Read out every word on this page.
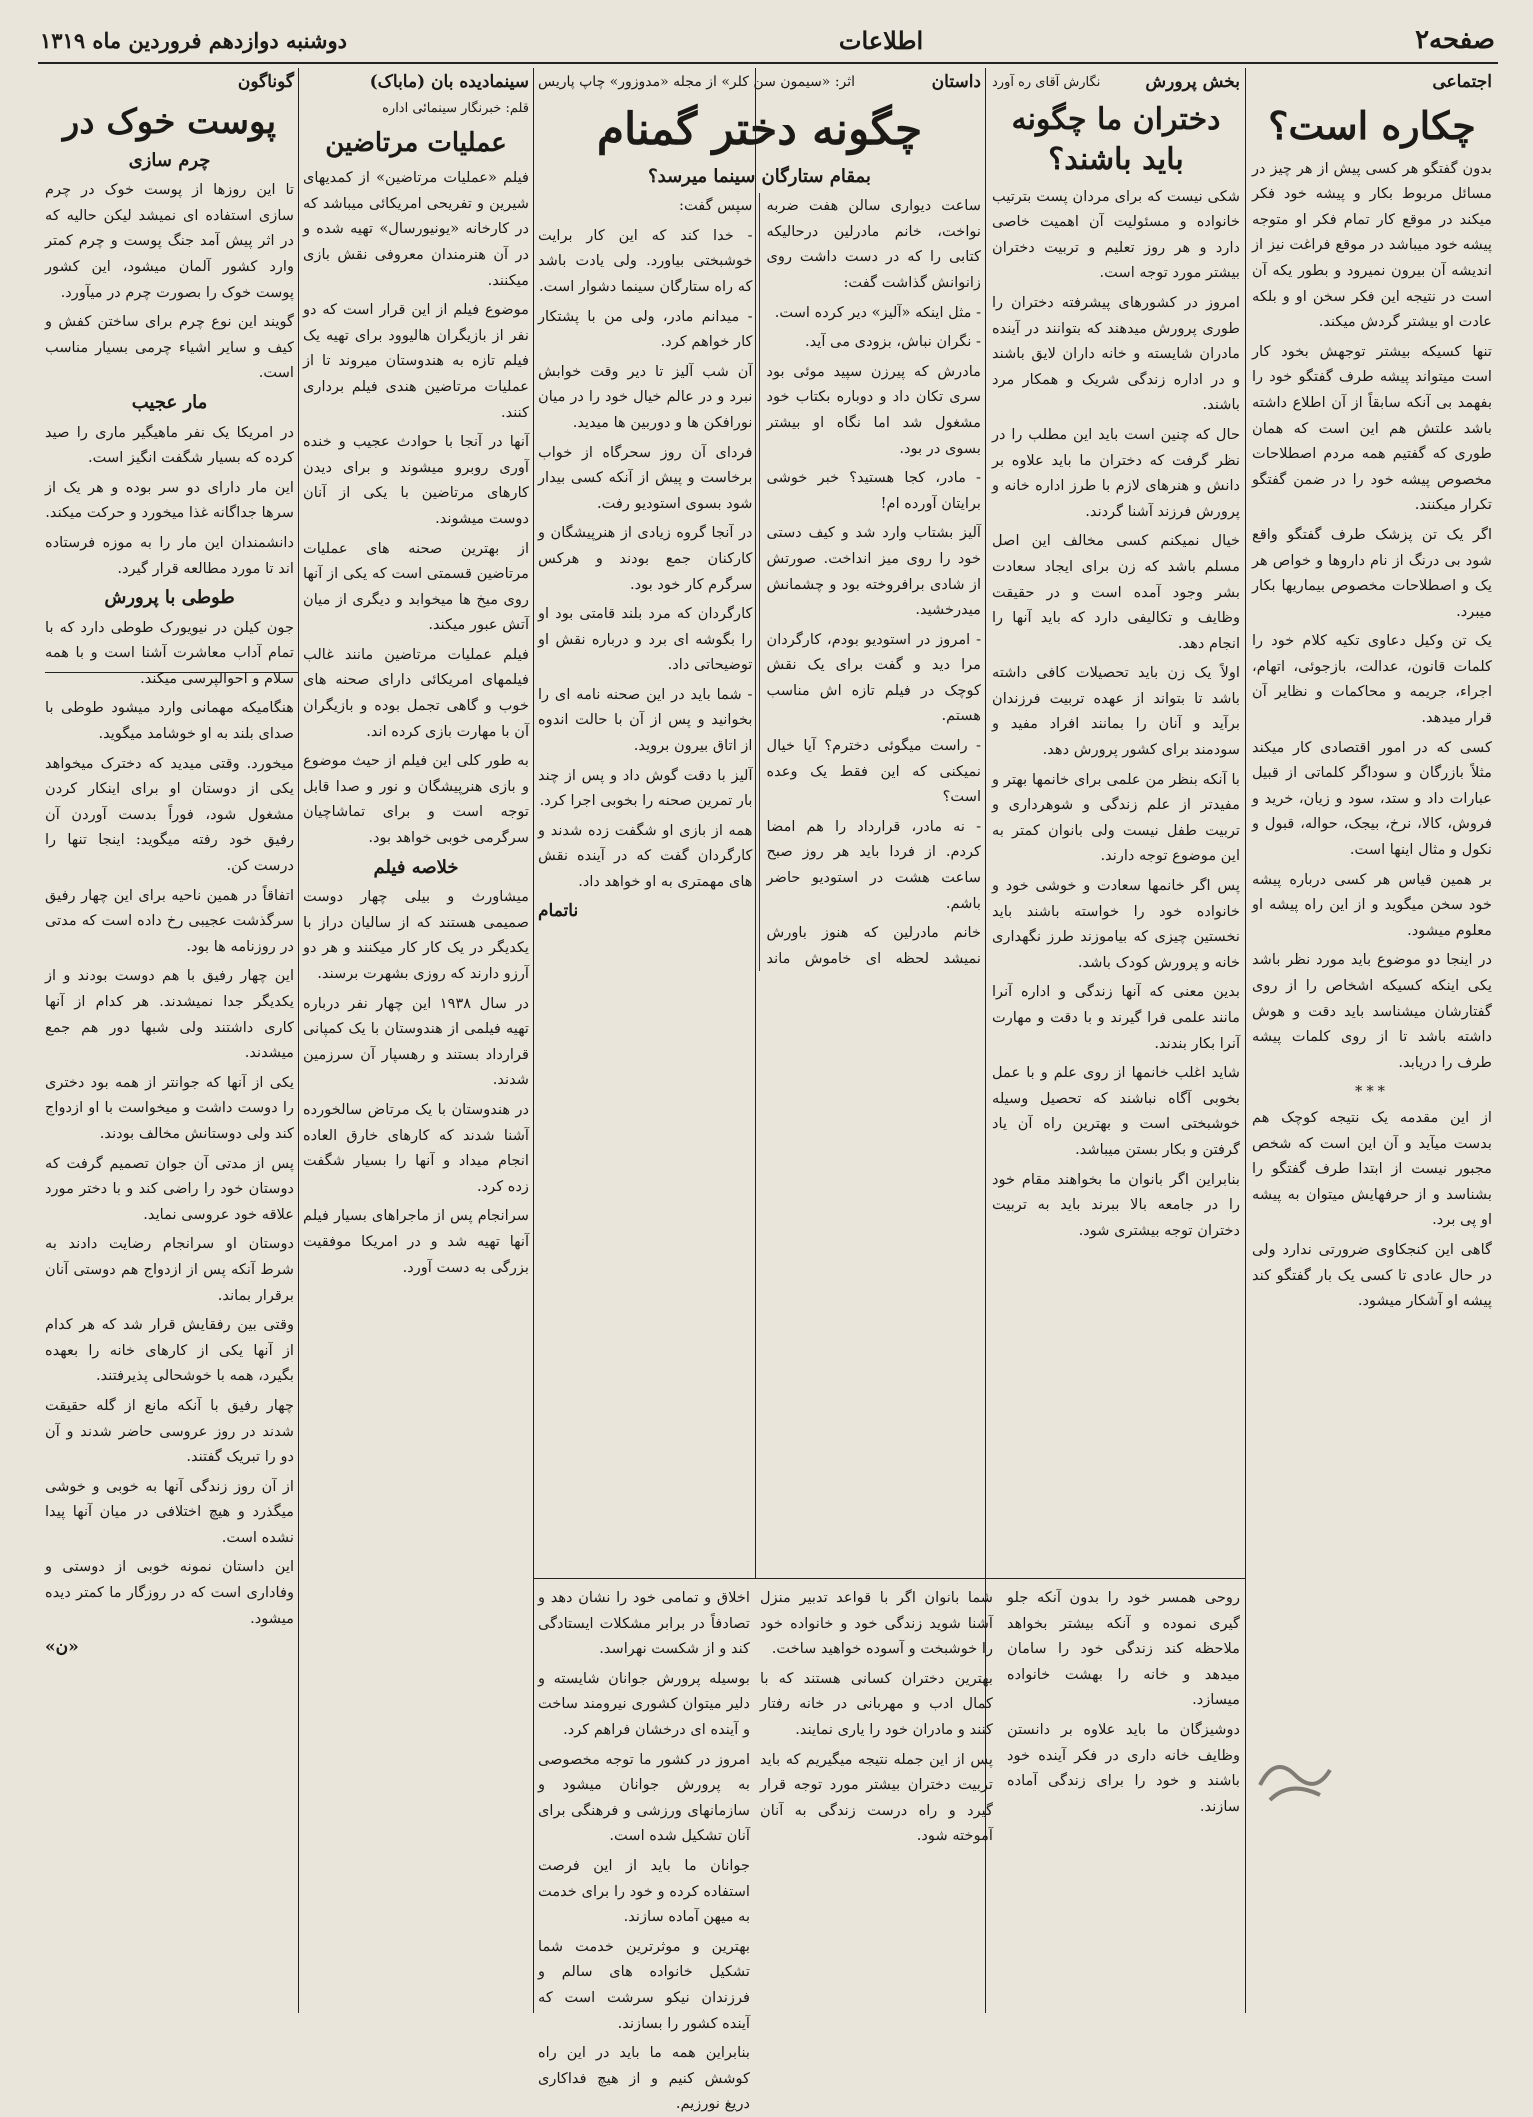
دوشنبه دوازدهم فروردین ماه ۱۳۱۹	اطلاعات	صفحه۲
اجتماعی
چکاره است؟

بدون گفتگو هر کسی پیش از هر چیز در مسائل مربوط بکار و پیشه خود فکر میکند در موقع کار تمام فکر او متوجه پیشه خود میباشد در موقع فراغت نیز از اندیشه آن بیرون نمیرود و بطور یکه آن است در نتیجه این فکر سخن او و بلکه عادت او بیشتر گردش میکند.

تنها کسیکه بیشتر توجهش بخود کار است میتواند پیشه طرف گفتگو خود را بفهمد بی آنکه سابقاً از آن اطلاع داشته باشد علتش هم این است که همان طوری که گفتیم همه مردم اصطلاحات مخصوص پیشه خود را در ضمن گفتگو تکرار میکنند.

اگر یک تن پزشک طرف گفتگو واقع شود بی درنگ از نام داروها و خواص هر یک و اصطلاحات مخصوص بیماریها بکار میبرد.

یک تن وکیل دعاوی تکیه کلام خود را کلمات قانون، عدالت، بازجوئی، اتهام، اجراء، جریمه و محاکمات و نظایر آن قرار میدهد.

کسی که در امور اقتصادی کار میکند مثلاً بازرگان و سوداگر کلماتی از قبیل عبارات داد و ستد، سود و زیان، خرید و فروش، کالا، نرخ، بیجک، حواله، قبول و نکول و مثال اینها است.

بر همین قیاس هر کسی درباره پیشه خود سخن میگوید و از این راه پیشه او معلوم میشود.

در اینجا دو موضوع باید مورد نظر باشد یکی اینکه کسیکه اشخاص را از روی گفتارشان میشناسد باید دقت و هوش داشته باشد تا از روی کلمات پیشه طرف را دریابد.

***

از این مقدمه یک نتیجه کوچک هم بدست میآید و آن این است که شخص مجبور نیست از ابتدا طرف گفتگو را بشناسد و از حرفهایش میتوان به پیشه او پی برد.

گاهی این کنجکاوی ضرورتی ندارد ولی در حال عادی تا کسی یک بار گفتگو کند پیشه او آشکار میشود.

بخش پرورش
نگارش آقای ره آورد
دختران ما چگونه باید باشند؟

شکی نیست که برای مردان پست بترتیب خانواده و مسئولیت آن اهمیت خاصی دارد و هر روز تعلیم و تربیت دختران بیشتر مورد توجه است.

امروز در کشورهای پیشرفته دختران را طوری پرورش میدهند که بتوانند در آینده مادران شایسته و خانه داران لایق باشند و در اداره زندگی شریک و همکار مرد باشند.

حال که چنین است باید این مطلب را در نظر گرفت که دختران ما باید علاوه بر دانش و هنرهای لازم با طرز اداره خانه و پرورش فرزند آشنا گردند.

خیال نمیکنم کسی مخالف این اصل مسلم باشد که زن برای ایجاد سعادت بشر وجود آمده است و در حقیقت وظایف و تکالیفی دارد که باید آنها را انجام دهد.

اولاً یک زن باید تحصیلات کافی داشته باشد تا بتواند از عهده تربیت فرزندان برآید و آنان را بمانند افراد مفید و سودمند برای کشور پرورش دهد.

با آنکه بنظر من علمی برای خانمها بهتر و مفیدتر از علم زندگی و شوهرداری و تربیت طفل نیست ولی بانوان کمتر به این موضوع توجه دارند.

پس اگر خانمها سعادت و خوشی خود و خانواده خود را خواسته باشند باید نخستین چیزی که بیاموزند طرز نگهداری خانه و پرورش کودک باشد.

بدین معنی که آنها زندگی و اداره آنرا مانند علمی فرا گیرند و با دقت و مهارت آنرا بکار بندند.

شاید اغلب خانمها از روی علم و با عمل بخوبی آگاه نباشند که تحصیل وسیله خوشبختی است و بهترین راه آن یاد گرفتن و بکار بستن میباشد.

بنابراین اگر بانوان ما بخواهند مقام خود را در جامعه بالا ببرند باید به تربیت دختران توجه بیشتری شود.

داستان
اثر: «سیمون سن کلر» از مجله «مدوزور» چاپ پاریس
چگونه دختر گمنام
بمقام ستارگان سینما میرسد؟

ساعت دیواری سالن هفت ضربه نواخت، خانم مادرلین درحالیکه کتابی را که در دست داشت روی زانوانش گذاشت گفت:

- مثل اینکه «آلیز» دیر کرده است.

- نگران نباش، بزودی می آید.

مادرش که پیرزن سپید موئی بود سری تکان داد و دوباره بکتاب خود مشغول شد اما نگاه او بیشتر بسوی در بود.

- مادر، کجا هستید؟ خبر خوشی برایتان آورده ام!

آلیز بشتاب وارد شد و کیف دستی خود را روی میز انداخت. صورتش از شادی برافروخته بود و چشمانش میدرخشید.

- امروز در استودیو بودم، کارگردان مرا دید و گفت برای یک نقش کوچک در فیلم تازه اش مناسب هستم.

- راست میگوئی دخترم؟ آیا خیال نمیکنی که این فقط یک وعده است؟

- نه مادر، قرارداد را هم امضا کردم. از فردا باید هر روز صبح ساعت هشت در استودیو حاضر باشم.

خانم مادرلین که هنوز باورش نمیشد لحظه ای خاموش ماند سپس گفت:

- خدا کند که این کار برایت خوشبختی بیاورد. ولی یادت باشد که راه ستارگان سینما دشوار است.

- میدانم مادر، ولی من با پشتکار کار خواهم کرد.

آن شب آلیز تا دیر وقت خوابش نبرد و در عالم خیال خود را در میان نورافکن ها و دوربین ها میدید.

فردای آن روز سحرگاه از خواب برخاست و پیش از آنکه کسی بیدار شود بسوی استودیو رفت.

در آنجا گروه زیادی از هنرپیشگان و کارکنان جمع بودند و هرکس سرگرم کار خود بود.

کارگردان که مرد بلند قامتی بود او را بگوشه ای برد و درباره نقش او توضیحاتی داد.

- شما باید در این صحنه نامه ای را بخوانید و پس از آن با حالت اندوه از اتاق بیرون بروید.

آلیز با دقت گوش داد و پس از چند بار تمرین صحنه را بخوبی اجرا کرد.

همه از بازی او شگفت زده شدند و کارگردان گفت که در آینده نقش های مهمتری به او خواهد داد.

ناتمام
سینمادیده بان (ماباک)
قلم: خبرنگار سینمائی اداره
عملیات مرتاضین

فیلم «عملیات مرتاضین» از کمدیهای شیرین و تفریحی امریکائی میباشد که در کارخانه «یونیورسال» تهیه شده و در آن هنرمندان معروفی نقش بازی میکنند.

موضوع فیلم از این قرار است که دو نفر از بازیگران هالیوود برای تهیه یک فیلم تازه به هندوستان میروند تا از عملیات مرتاضین هندی فیلم برداری کنند.

آنها در آنجا با حوادث عجیب و خنده آوری روبرو میشوند و برای دیدن کارهای مرتاضین با یکی از آنان دوست میشوند.

از بهترین صحنه های عملیات مرتاضین قسمتی است که یکی از آنها روی میخ ها میخوابد و دیگری از میان آتش عبور میکند.

فیلم عملیات مرتاضین مانند غالب فیلمهای امریکائی دارای صحنه های خوب و گاهی تجمل بوده و بازیگران آن با مهارت بازی کرده اند.

به طور کلی این فیلم از حیث موضوع و بازی هنرپیشگان و نور و صدا قابل توجه است و برای تماشاچیان سرگرمی خوبی خواهد بود.

خلاصه فیلم

میشاورث و بیلی چهار دوست صمیمی هستند که از سالیان دراز با یکدیگر در یک کار کار میکنند و هر دو آرزو دارند که روزی بشهرت برسند.

در سال ۱۹۳۸ این چهار نفر درباره تهیه فیلمی از هندوستان با یک کمپانی قرارداد بستند و رهسپار آن سرزمین شدند.

در هندوستان با یک مرتاض سالخورده آشنا شدند که کارهای خارق العاده انجام میداد و آنها را بسیار شگفت زده کرد.

سرانجام پس از ماجراهای بسیار فیلم آنها تهیه شد و در امریکا موفقیت بزرگی به دست آورد.

گوناگون
پوست خوک در
چرم سازی

تا این روزها از پوست خوک در چرم سازی استفاده ای نمیشد لیکن حالیه که در اثر پیش آمد جنگ پوست و چرم کمتر وارد کشور آلمان میشود، این کشور پوست خوک را بصورت چرم در میآورد.

گویند این نوع چرم برای ساختن کفش و کیف و سایر اشیاء چرمی بسیار مناسب است.

مار عجیب

در امریکا یک نفر ماهیگیر ماری را صید کرده که بسیار شگفت انگیز است.

این مار دارای دو سر بوده و هر یک از سرها جداگانه غذا میخورد و حرکت میکند.

دانشمندان این مار را به موزه فرستاده اند تا مورد مطالعه قرار گیرد.

طوطی با پرورش

جون کیلن در نیویورک طوطی دارد که با تمام آداب معاشرت آشنا است و با همه سلام و احوالپرسی میکند.

هنگامیکه مهمانی وارد میشود طوطی با صدای بلند به او خوشامد میگوید.

میخورد. وقتی میدید که دخترک میخواهد یکی از دوستان او برای اینکار کردن مشغول شود، فوراً بدست آوردن آن رفیق خود رفته میگوید: اینجا تنها را درست کن.

اتفاقاً در همین ناحیه برای این چهار رفیق سرگذشت عجیبی رخ داده است که مدتی در روزنامه ها بود.

این چهار رفیق با هم دوست بودند و از یکدیگر جدا نمیشدند. هر کدام از آنها کاری داشتند ولی شبها دور هم جمع میشدند.

یکی از آنها که جوانتر از همه بود دختری را دوست داشت و میخواست با او ازدواج کند ولی دوستانش مخالف بودند.

پس از مدتی آن جوان تصمیم گرفت که دوستان خود را راضی کند و با دختر مورد علاقه خود عروسی نماید.

دوستان او سرانجام رضایت دادند به شرط آنکه پس از ازدواج هم دوستی آنان برقرار بماند.

وقتی بین رفقایش قرار شد که هر کدام از آنها یکی از کارهای خانه را بعهده بگیرد، همه با خوشحالی پذیرفتند.

چهار رفیق با آنکه مانع از گله حقیقت شدند در روز عروسی حاضر شدند و آن دو را تبریک گفتند.

از آن روز زندگی آنها به خوبی و خوشی میگذرد و هیچ اختلافی در میان آنها پیدا نشده است.

این داستان نمونه خوبی از دوستی و وفاداری است که در روزگار ما کمتر دیده میشود.

«ن»

روحی همسر خود را بدون آنکه جلو گیری نموده و آنکه بیشتر بخواهد ملاحظه کند زندگی خود را سامان میدهد و خانه را بهشت خانواده میسازد.

دوشیزگان ما باید علاوه بر دانستن وظایف خانه داری در فکر آینده خود باشند و خود را برای زندگی آماده سازند.

شما بانوان اگر با قواعد تدبیر منزل آشنا شوید زندگی خود و خانواده خود را خوشبخت و آسوده خواهید ساخت.

بهترین دختران کسانی هستند که با کمال ادب و مهربانی در خانه رفتار کنند و مادران خود را یاری نمایند.

پس از این جمله نتیجه میگیریم که باید تربیت دختران بیشتر مورد توجه قرار گیرد و راه درست زندگی به آنان آموخته شود.

اخلاق و تمامی خود را نشان دهد و تصادفاً در برابر مشکلات ایستادگی کند و از شکست نهراسد.

بوسیله پرورش جوانان شایسته و دلیر میتوان کشوری نیرومند ساخت و آینده ای درخشان فراهم کرد.

امروز در کشور ما توجه مخصوصی به پرورش جوانان میشود و سازمانهای ورزشی و فرهنگی برای آنان تشکیل شده است.

جوانان ما باید از این فرصت استفاده کرده و خود را برای خدمت به میهن آماده سازند.

بهترین و موثرترین خدمت شما تشکیل خانواده های سالم و فرزندان نیکو سرشت است که آینده کشور را بسازند.

بنابراین همه ما باید در این راه کوشش کنیم و از هیچ فداکاری دریغ نورزیم.
